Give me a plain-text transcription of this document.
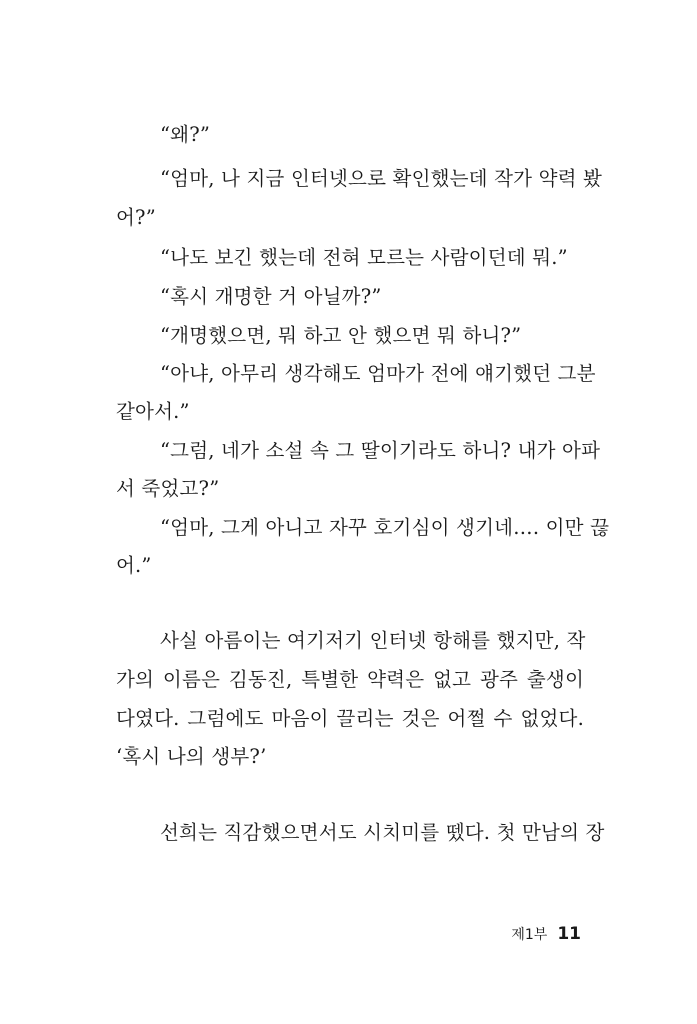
“왜?”
“엄마, 나 지금 인터넷으로 확인했는데 작가 약력 봤
어?”
“나도 보긴 했는데 전혀 모르는 사람이던데 뭐.”
“혹시 개명한 거 아닐까?”
“개명했으면, 뭐 하고 안 했으면 뭐 하니?”
“아냐, 아무리 생각해도 엄마가 전에 얘기했던 그분
같아서.”
“그럼, 네가 소설 속 그 딸이기라도 하니? 내가 아파
서 죽었고?”
“엄마, 그게 아니고 자꾸 호기심이 생기네…. 이만 끊
어.”
사실 아름이는 여기저기 인터넷 항해를 했지만, 작
가의 이름은 김동진, 특별한 약력은 없고 광주 출생이
다였다. 그럼에도 마음이 끌리는 것은 어쩔 수 없었다.
‘혹시 나의 생부?’
선희는 직감했으면서도 시치미를 뗐다. 첫 만남의 장
제1부 11
